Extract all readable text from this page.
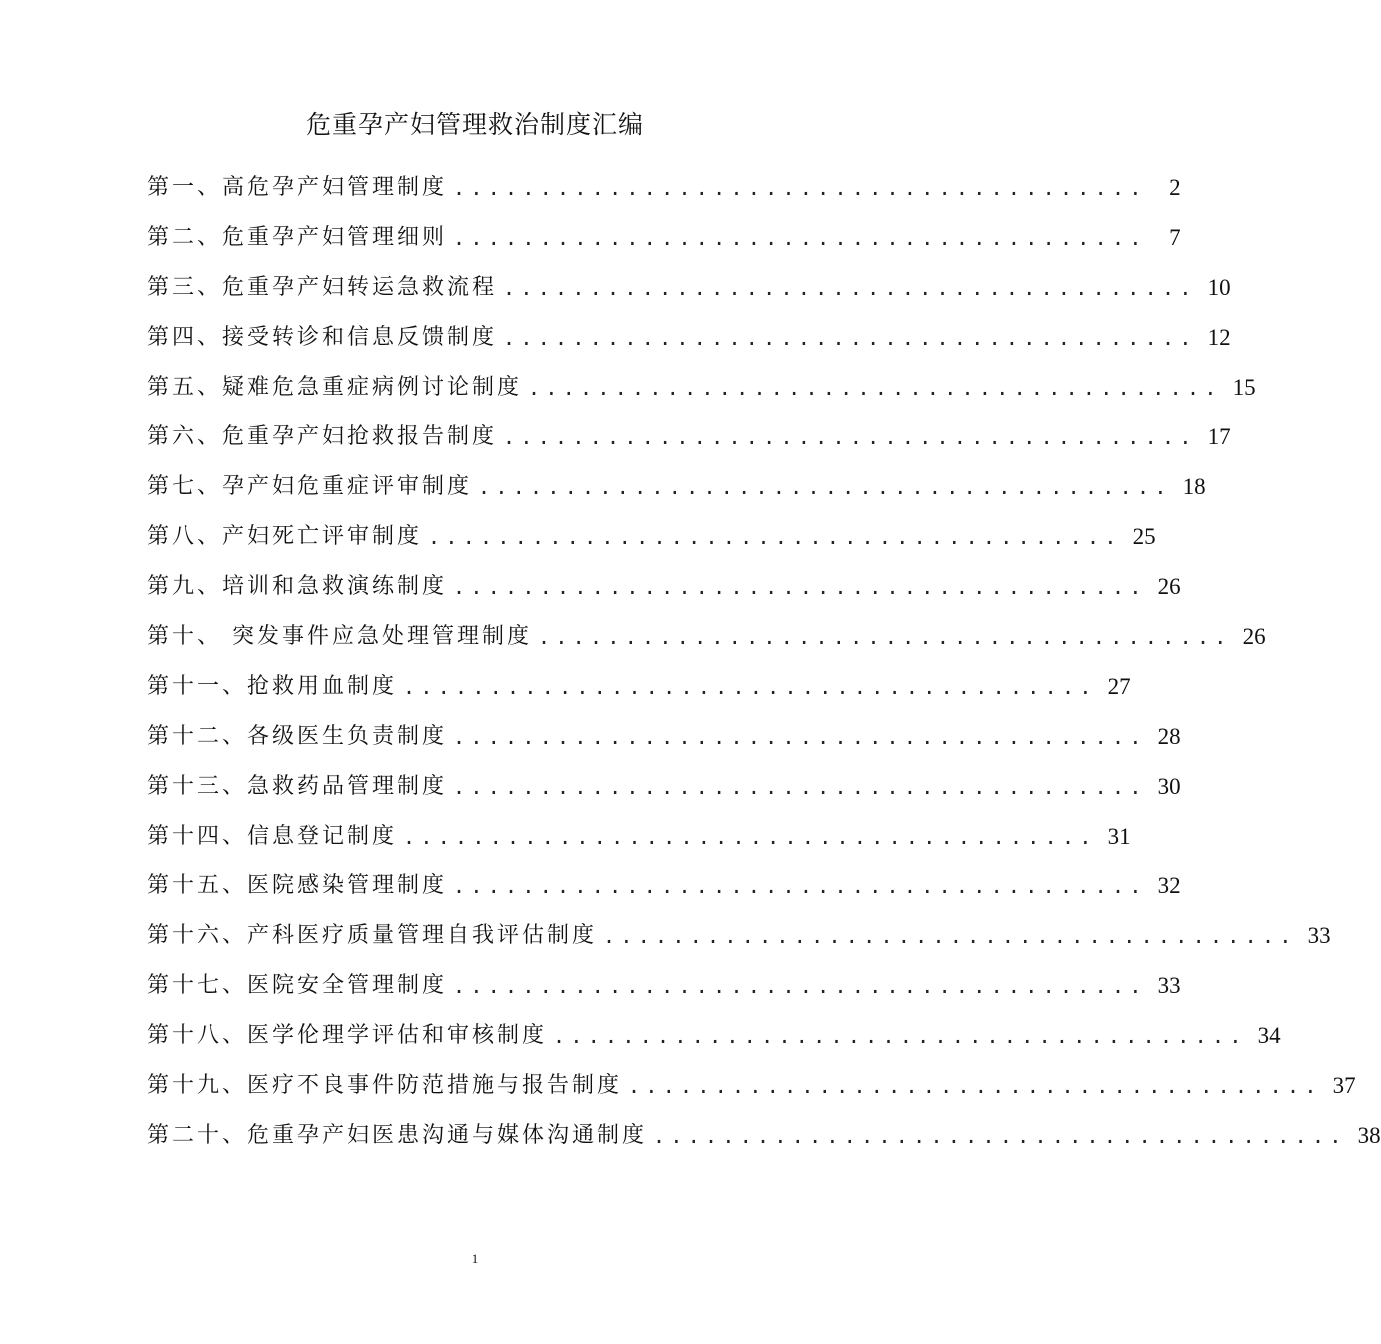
危重孕产妇管理救治制度汇编
第一、高危孕产妇管理制度 ........................................ 2
第二、危重孕产妇管理细则 ........................................ 7
第三、危重孕产妇转运急救流程 ........................................ 10
第四、接受转诊和信息反馈制度 ........................................ 12
第五、疑难危急重症病例讨论制度 ........................................ 15
第六、危重孕产妇抢救报告制度 ........................................ 17
第七、孕产妇危重症评审制度 ........................................ 18
第八、产妇死亡评审制度 ........................................ 25
第九、培训和急救演练制度 ........................................ 26
第十、 突发事件应急处理管理制度 ........................................ 26
第十一、抢救用血制度 ........................................ 27
第十二、各级医生负责制度 ........................................ 28
第十三、急救药品管理制度 ........................................ 30
第十四、信息登记制度 ........................................ 31
第十五、医院感染管理制度 ........................................ 32
第十六、产科医疗质量管理自我评估制度 ........................................ 33
第十七、医院安全管理制度 ........................................ 33
第十八、医学伦理学评估和审核制度 ........................................ 34
第十九、医疗不良事件防范措施与报告制度 ........................................ 37
第二十、危重孕产妇医患沟通与媒体沟通制度 ........................................ 38
1
